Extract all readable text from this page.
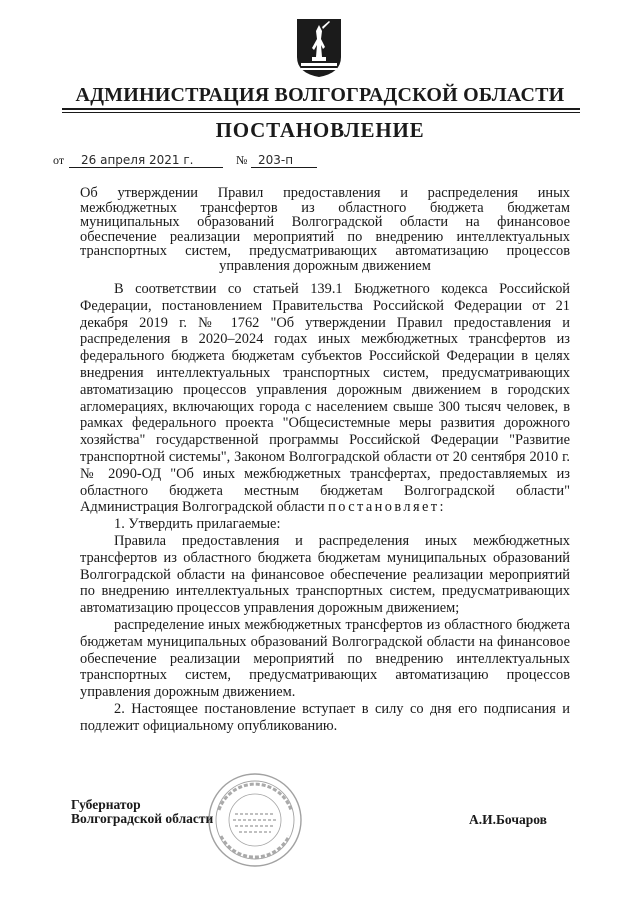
АДМИНИСТРАЦИЯ ВОЛГОГРАДСКОЙ ОБЛАСТИ
ПОСТАНОВЛЕНИЕ
от 26 апреля 2021 г.	№ 203-п
Об утверждении Правил предоставления и распределения иных межбюджетных трансфертов из областного бюджета бюджетам муниципальных образований Волгоградской области на финансовое обеспечение реализации мероприятий по внедрению интеллектуальных транспортных систем, предусматривающих автоматизацию процессов управления дорожным движением

В соответствии со статьей 139.1 Бюджетного кодекса Российской Федерации, постановлением Правительства Российской Федерации от 21 декабря 2019 г. № 1762 "Об утверждении Правил предоставления и распределения в 2020–2024 годах иных межбюджетных трансфертов из федерального бюджета бюджетам субъектов Российской Федерации в целях внедрения интеллектуальных транспортных систем, предусматривающих автоматизацию процессов управления дорожным движением в городских агломерациях, включающих города с населением свыше 300 тысяч человек, в рамках федерального проекта "Общесистемные меры развития дорожного хозяйства" государственной программы Российской Федерации "Развитие транспортной системы", Законом Волгоградской области от 20 сентября 2010 г. № 2090-ОД "Об иных межбюджетных трансфертах, предоставляемых из областного бюджета местным бюджетам Волгоградской области" Администрация Волгоградской области постановляет:

1. Утвердить прилагаемые:

Правила предоставления и распределения иных межбюджетных трансфертов из областного бюджета бюджетам муниципальных образований Волгоградской области на финансовое обеспечение реализации мероприятий по внедрению интеллектуальных транспортных систем, предусматривающих автоматизацию процессов управления дорожным движением;

распределение иных межбюджетных трансфертов из областного бюджета бюджетам муниципальных образований Волгоградской области на финансовое обеспечение реализации мероприятий по внедрению интеллектуальных транспортных систем, предусматривающих автоматизацию процессов управления дорожным движением.

2. Настоящее постановление вступает в силу со дня его подписания и подлежит официальному опубликованию.

Губернатор
Волгоградской области	А.И.Бочаров
